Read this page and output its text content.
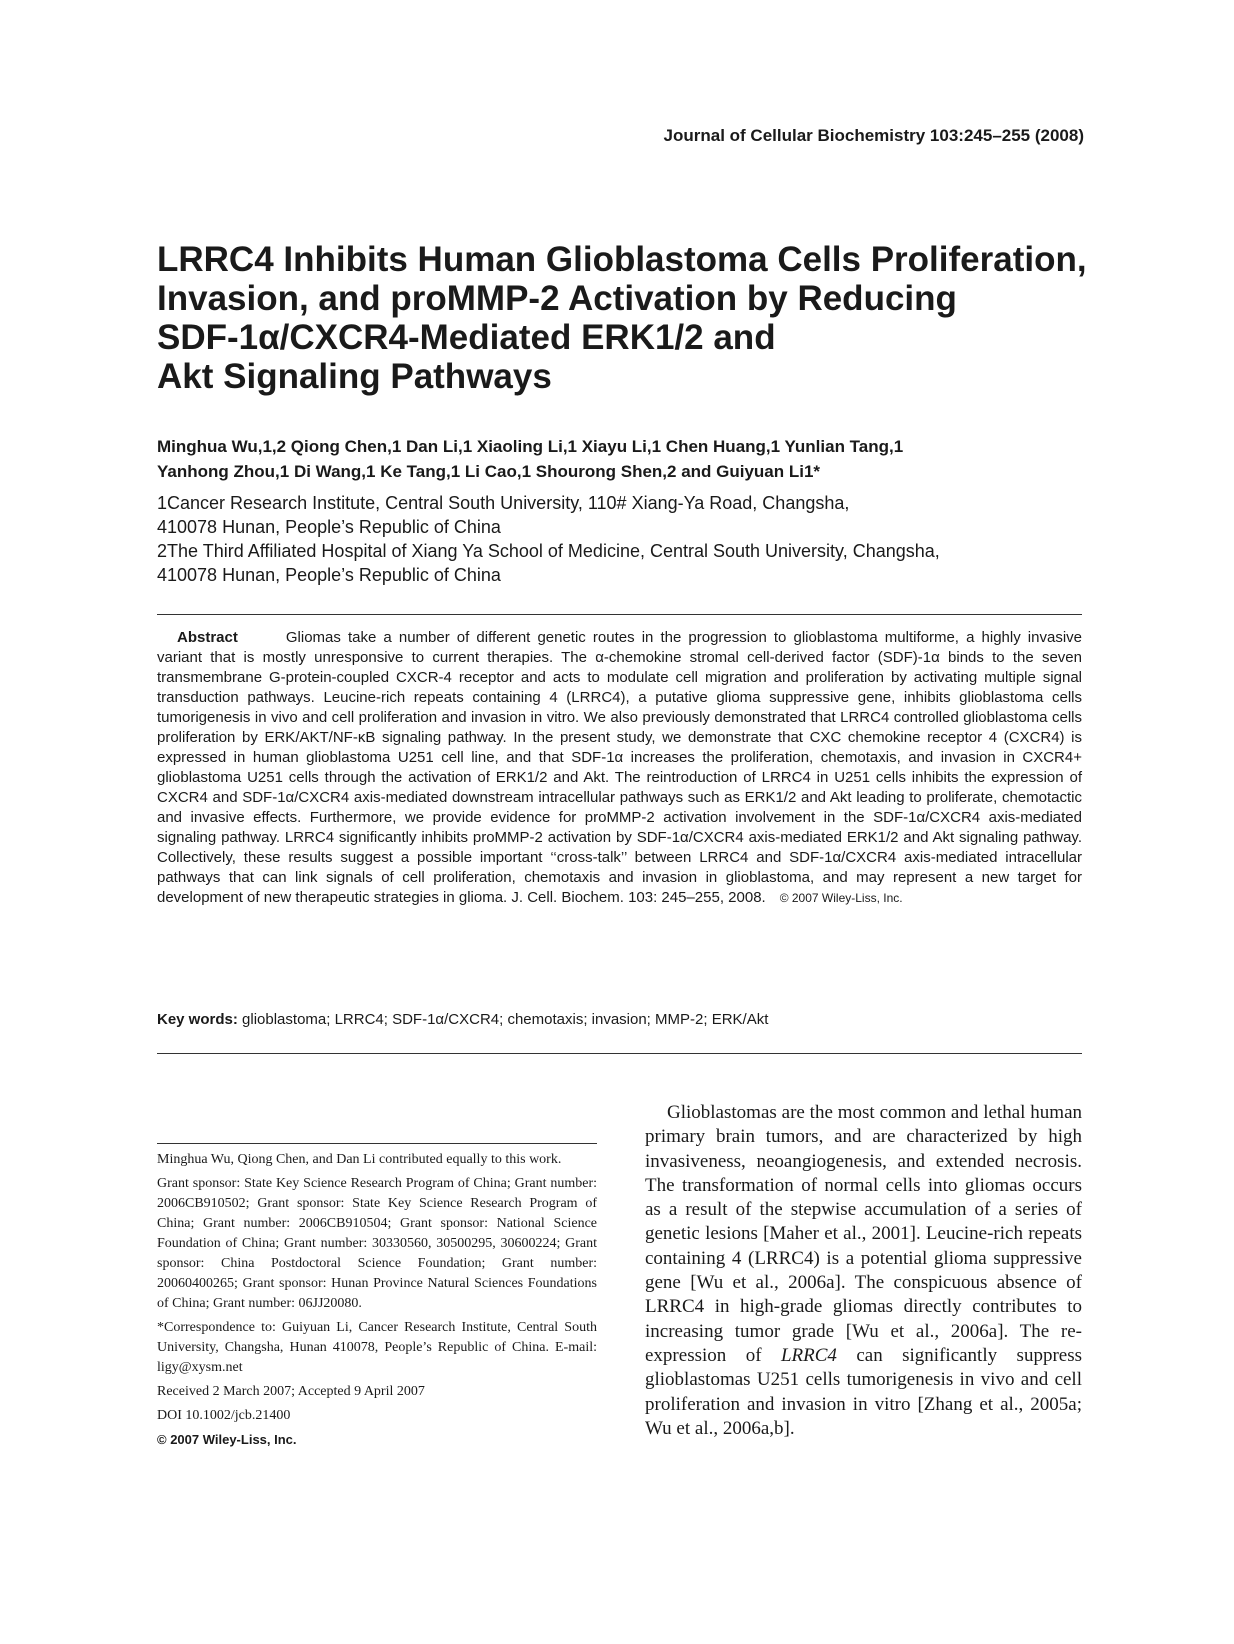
Journal of Cellular Biochemistry 103:245–255 (2008)
LRRC4 Inhibits Human Glioblastoma Cells Proliferation,
Invasion, and proMMP-2 Activation by Reducing
SDF-1α/CXCR4-Mediated ERK1/2 and
Akt Signaling Pathways
Minghua Wu,1,2 Qiong Chen,1 Dan Li,1 Xiaoling Li,1 Xiayu Li,1 Chen Huang,1 Yunlian Tang,1
Yanhong Zhou,1 Di Wang,1 Ke Tang,1 Li Cao,1 Shourong Shen,2 and Guiyuan Li1*
1Cancer Research Institute, Central South University, 110# Xiang-Ya Road, Changsha,
410078 Hunan, People’s Republic of China
2The Third Affiliated Hospital of Xiang Ya School of Medicine, Central South University, Changsha,
410078 Hunan, People’s Republic of China
Abstract	Gliomas take a number of different genetic routes in the progression to glioblastoma multiforme, a highly invasive variant that is mostly unresponsive to current therapies. The α-chemokine stromal cell-derived factor (SDF)-1α binds to the seven transmembrane G-protein-coupled CXCR-4 receptor and acts to modulate cell migration and proliferation by activating multiple signal transduction pathways. Leucine-rich repeats containing 4 (LRRC4), a putative glioma suppressive gene, inhibits glioblastoma cells tumorigenesis in vivo and cell proliferation and invasion in vitro. We also previously demonstrated that LRRC4 controlled glioblastoma cells proliferation by ERK/AKT/NF-κB signaling pathway. In the present study, we demonstrate that CXC chemokine receptor 4 (CXCR4) is expressed in human glioblastoma U251 cell line, and that SDF-1α increases the proliferation, chemotaxis, and invasion in CXCR4+ glioblastoma U251 cells through the activation of ERK1/2 and Akt. The reintroduction of LRRC4 in U251 cells inhibits the expression of CXCR4 and SDF-1α/CXCR4 axis-mediated downstream intracellular pathways such as ERK1/2 and Akt leading to proliferate, chemotactic and invasive effects. Furthermore, we provide evidence for proMMP-2 activation involvement in the SDF-1α/CXCR4 axis-mediated signaling pathway. LRRC4 significantly inhibits proMMP-2 activation by SDF-1α/CXCR4 axis-mediated ERK1/2 and Akt signaling pathway. Collectively, these results suggest a possible important ‘‘cross-talk’’ between LRRC4 and SDF-1α/CXCR4 axis-mediated intracellular pathways that can link signals of cell proliferation, chemotaxis and invasion in glioblastoma, and may represent a new target for development of new therapeutic strategies in glioma. J. Cell. Biochem. 103: 245–255, 2008. © 2007 Wiley-Liss, Inc.
Key words: glioblastoma; LRRC4; SDF-1α/CXCR4; chemotaxis; invasion; MMP-2; ERK/Akt

Minghua Wu, Qiong Chen, and Dan Li contributed equally to this work.

Grant sponsor: State Key Science Research Program of China; Grant number: 2006CB910502; Grant sponsor: State Key Science Research Program of China; Grant number: 2006CB910504; Grant sponsor: National Science Foundation of China; Grant number: 30330560, 30500295, 30600224; Grant sponsor: China Postdoctoral Science Foundation; Grant number: 20060400265; Grant sponsor: Hunan Province Natural Sciences Foundations of China; Grant number: 06JJ20080.

*Correspondence to: Guiyuan Li, Cancer Research Institute, Central South University, Changsha, Hunan 410078, People’s Republic of China. E-mail: ligy@xysm.net

Received 2 March 2007; Accepted 9 April 2007

DOI 10.1002/jcb.21400

© 2007 Wiley-Liss, Inc.

Glioblastomas are the most common and lethal human primary brain tumors, and are characterized by high invasiveness, neoangiogenesis, and extended necrosis. The transformation of normal cells into gliomas occurs as a result of the stepwise accumulation of a series of genetic lesions [Maher et al., 2001]. Leucine-rich repeats containing 4 (LRRC4) is a potential glioma suppressive gene [Wu et al., 2006a]. The conspicuous absence of LRRC4 in high-grade gliomas directly contributes to increasing tumor grade [Wu et al., 2006a]. The re-expression of LRRC4 can significantly suppress glioblastomas U251 cells tumorigenesis in vivo and cell proliferation and invasion in vitro [Zhang et al., 2005a; Wu et al., 2006a,b].
